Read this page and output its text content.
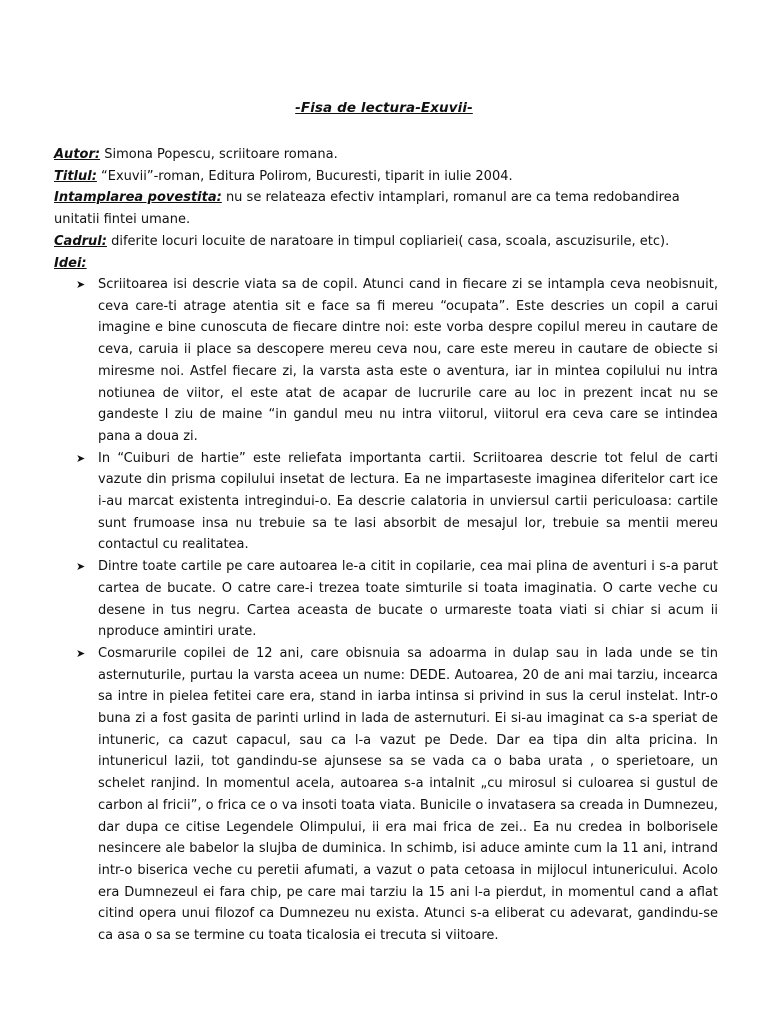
-Fisa de lectura-Exuvii-

Autor: Simona Popescu, scriitoare romana.

Titlul: “Exuvii”-roman, Editura Polirom, Bucuresti, tiparit in iulie 2004.

Intamplarea povestita: nu se relateaza efectiv intamplari, romanul are ca tema redobandirea unitatii fintei umane.

Cadrul: diferite locuri locuite de naratoare in timpul copliariei( casa, scoala, ascuzisurile, etc).

Idei:

➤ Scriitoarea isi descrie viata sa de copil. Atunci cand in fiecare zi se intampla ceva neobisnuit, ceva care-ti atrage atentia sit e face sa fi mereu “ocupata”. Este descries un copil a carui imagine e bine cunoscuta de fiecare dintre noi: este vorba despre copilul mereu in cautare de ceva, caruia ii place sa descopere mereu ceva nou, care este mereu in cautare de obiecte si miresme noi. Astfel fiecare zi, la varsta asta este o aventura, iar in mintea copilului nu intra notiunea de viitor, el este atat de acapar de lucrurile care au loc in prezent incat nu se gandeste l ziu de maine “in gandul meu nu intra viitorul, viitorul era ceva care se intindea pana a doua zi.

➤ In “Cuiburi de hartie” este reliefata importanta cartii. Scriitoarea descrie tot felul de carti vazute din prisma copilului insetat de lectura. Ea ne impartaseste imaginea diferitelor cart ice i-au marcat existenta intregindui-o. Ea descrie calatoria in unviersul cartii periculoasa: cartile sunt frumoase insa nu trebuie sa te lasi absorbit de mesajul lor, trebuie sa mentii mereu contactul cu realitatea.

➤ Dintre toate cartile pe care autoarea le-a citit in copilarie, cea mai plina de aventuri i s-a parut cartea de bucate. O catre care-i trezea toate simturile si toata imaginatia. O carte veche cu desene in tus negru. Cartea aceasta de bucate o urmareste toata viati si chiar si acum ii nproduce amintiri urate.

➤ Cosmarurile copilei de 12 ani, care obisnuia sa adoarma in dulap sau in lada unde se tin asternuturile, purtau la varsta aceea un nume: DEDE. Autoarea, 20 de ani mai tarziu, incearca sa intre in pielea fetitei care era, stand in iarba intinsa si privind in sus la cerul instelat. Intr-o buna zi a fost gasita de parinti urlind in lada de asternuturi. Ei si-au imaginat ca s-a speriat de intuneric, ca cazut capacul, sau ca l-a vazut pe Dede. Dar ea tipa din alta pricina. In intunericul lazii, tot gandindu-se ajunsese sa se vada ca o baba urata , o sperietoare, un schelet ranjind. In momentul acela, autoarea s-a intalnit „cu mirosul si culoarea si gustul de carbon al fricii”, o frica ce o va insoti toata viata. Bunicile o invatasera sa creada in Dumnezeu, dar dupa ce citise Legendele Olimpului, ii era mai frica de zei.. Ea nu credea in bolborisele nesincere ale babelor la slujba de duminica. In schimb, isi aduce aminte cum la 11 ani, intrand intr-o biserica veche cu peretii afumati, a vazut o pata cetoasa in mijlocul intunericului. Acolo era Dumnezeul ei fara chip, pe care mai tarziu la 15 ani l-a pierdut, in momentul cand a aflat citind opera unui filozof ca Dumnezeu nu exista. Atunci s-a eliberat cu adevarat, gandindu-se ca asa o sa se termine cu toata ticalosia ei trecuta si viitoare.
